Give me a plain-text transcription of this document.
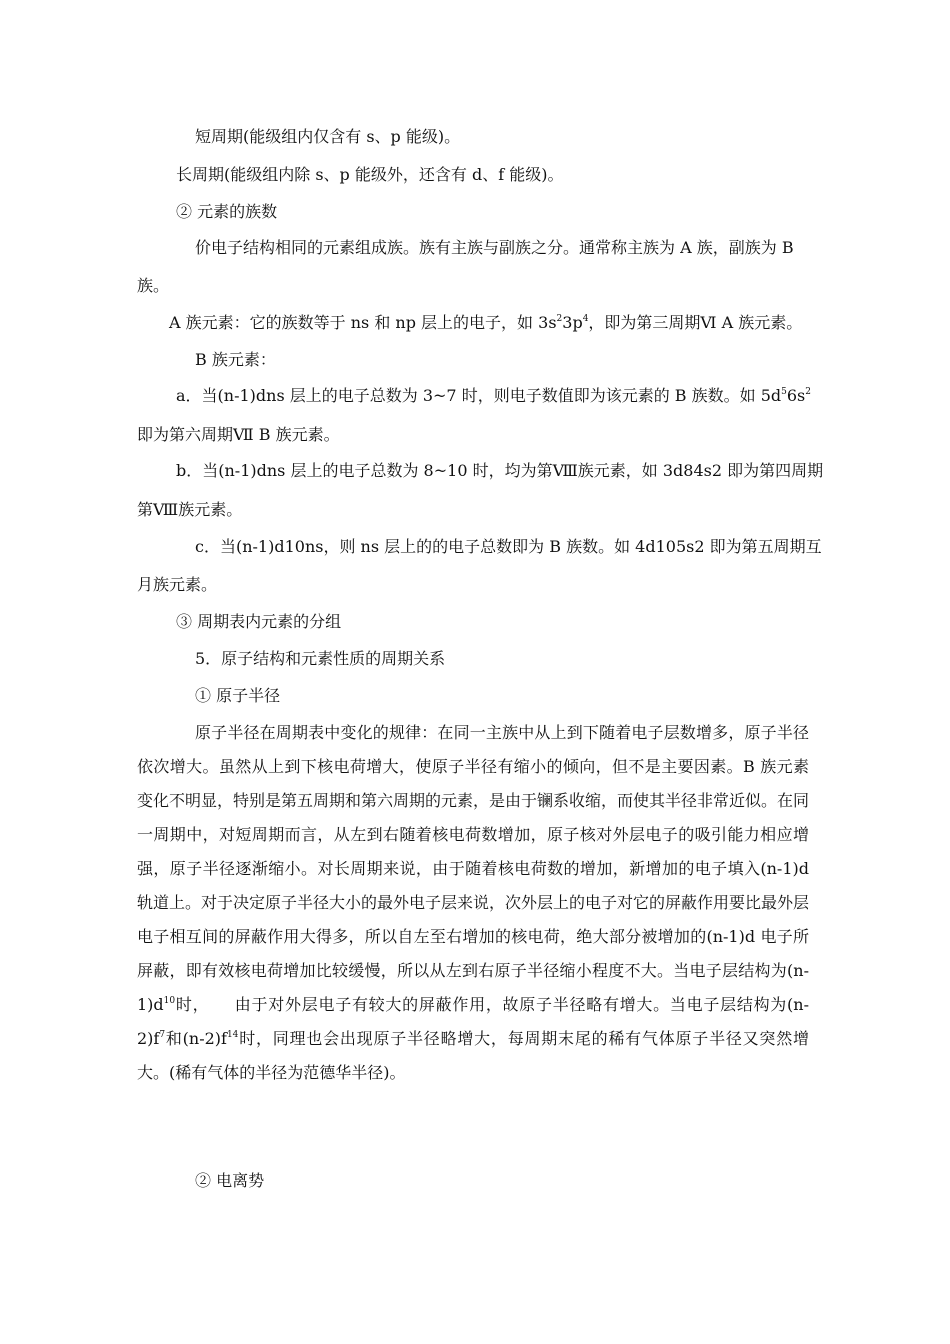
短周期(能级组内仅含有 s、p 能级)。
长周期(能级组内除 s、p 能级外，还含有 d、f 能级)。
② 元素的族数
价电子结构相同的元素组成族。族有主族与副族之分。通常称主族为 A 族，副族为 B
族。
A 族元素：它的族数等于 ns 和 np 层上的电子，如 $3s^23p^4$，即为第三周期Ⅵ A 族元素。
B 族元素：
a．当(n-1)dns 层上的电子总数为 3~7 时，则电子数值即为该元素的 B 族数。如 $5d^56s^2$
即为第六周期Ⅶ B 族元素。
b．当(n-1)dns 层上的电子总数为 8~10 时，均为第Ⅷ族元素，如 3d84s2 即为第四周期
第Ⅷ族元素。
c．当(n-1)d10ns，则 ns 层上的的电子总数即为 B 族数。如 4d105s2 即为第五周期互
月族元素。
③ 周期表内元素的分组
5．原子结构和元素性质的周期关系
① 原子半径

原子半径在周期表中变化的规律：在同一主族中从上到下随着电子层数增多，原子半径依次增大。虽然从上到下核电荷增大，使原子半径有缩小的倾向，但不是主要因素。B 族元素变化不明显，特别是第五周期和第六周期的元素，是由于镧系收缩，而使其半径非常近似。在同一周期中，对短周期而言，从左到右随着核电荷数增加，原子核对外层电子的吸引能力相应增强，原子半径逐渐缩小。对长周期来说，由于随着核电荷数的增加，新增加的电子填入(n-1)d 轨道上。对于决定原子半径大小的最外电子层来说，次外层上的电子对它的屏蔽作用要比最外层电子相互间的屏蔽作用大得多，所以自左至右增加的核电荷，绝大部分被增加的(n-1)d 电子所屏蔽，即有效核电荷增加比较缓慢，所以从左到右原子半径缩小程度不大。当电子层结构为$(n-1)d^{10}$时，　　由于对外层电子有较大的屏蔽作用，故原子半径略有增大。当电子层结构为$(n-2)f^7$和$(n-2)f^{14}$时，同理也会出现原子半径略增大，每周期末尾的稀有气体原子半径又突然增大。(稀有气体的半径为范德华半径)。

② 电离势
